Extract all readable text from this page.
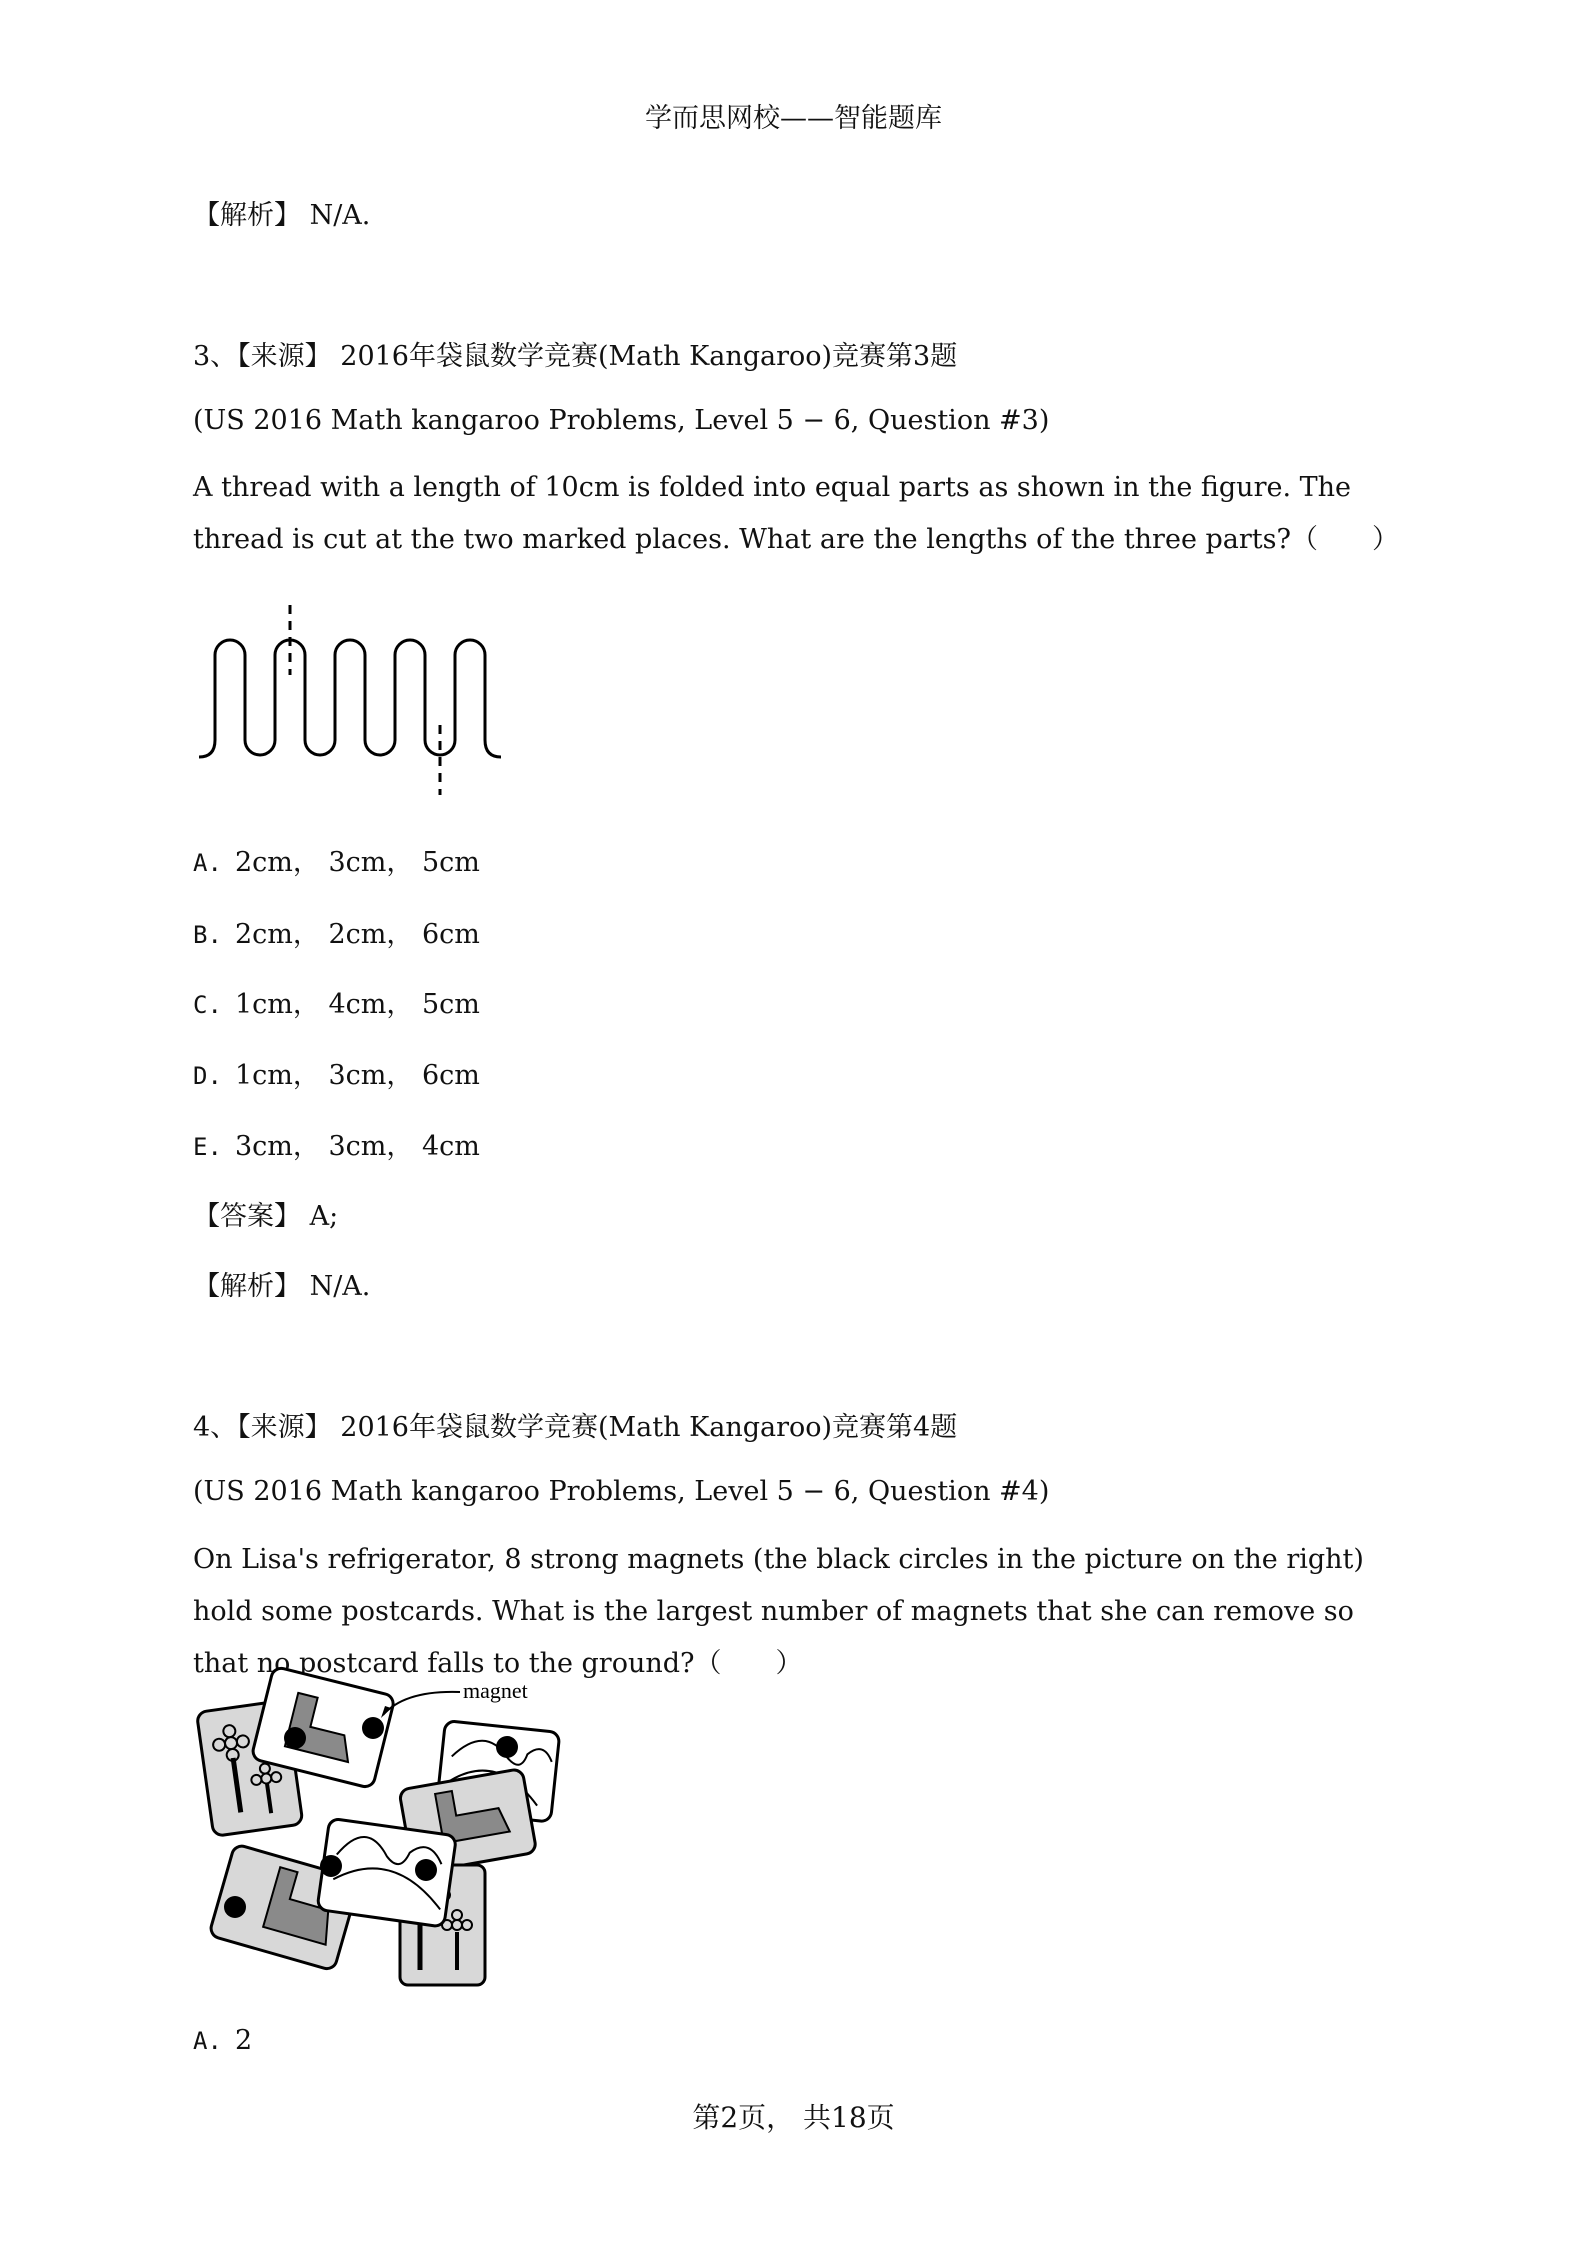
学而思网校——智能题库
【解析】 N/A.
3、【来源】 2016年袋鼠数学竞赛(Math Kangaroo)竞赛第3题
(US 2016 Math kangaroo Problems, Level 5 − 6, Question #3)
A thread with a length of 10cm is folded into equal parts as shown in the figure. The thread is cut at the two marked places. What are the lengths of the three parts?（　　）
A. 2cm， 3cm， 5cm
B. 2cm， 2cm， 6cm
C. 1cm， 4cm， 5cm
D. 1cm， 3cm， 6cm
E. 3cm， 3cm， 4cm
【答案】 A;
【解析】 N/A.
4、【来源】 2016年袋鼠数学竞赛(Math Kangaroo)竞赛第4题
(US 2016 Math kangaroo Problems, Level 5 − 6, Question #4)
On Lisa's refrigerator, 8 strong magnets (the black circles in the picture on the right) hold some postcards. What is the largest number of magnets that she can remove so that no postcard falls to the ground?（　　）
magnet
A. 2
第2页， 共18页
